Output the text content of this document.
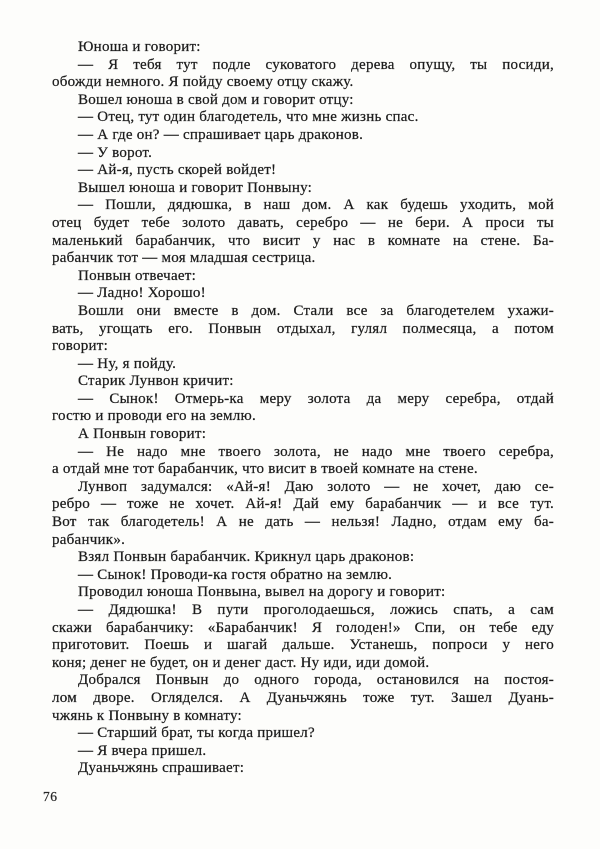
Юноша и говорит:
— Я тебя тут подле суковатого дерева опущу, ты посиди,
обожди немного. Я пойду своему отцу скажу.
Вошел юноша в свой дом и говорит отцу:
— Отец, тут один благодетель, что мне жизнь спас.
— А где он? — спрашивает царь драконов.
— У ворот.
— Ай-я, пусть скорей войдет!
Вышел юноша и говорит Понвыну:
— Пошли, дядюшка, в наш дом. А как будешь уходить, мой
отец будет тебе золото давать, серебро — не бери. А проси ты
маленький барабанчик, что висит у нас в комнате на стене. Ба-
рабанчик тот — моя младшая сестрица.
Понвын отвечает:
— Ладно! Хорошо!
Вошли они вместе в дом. Стали все за благодетелем ухажи-
вать, угощать его. Понвын отдыхал, гулял полмесяца, а потом
говорит:
— Ну, я пойду.
Старик Лунвон кричит:
— Сынок! Отмерь-ка меру золота да меру серебра, отдай
гостю и проводи его на землю.
А Понвын говорит:
— Не надо мне твоего золота, не надо мне твоего серебра,
а отдай мне тот барабанчик, что висит в твоей комнате на стене.
Лунвоп задумался: «Ай-я! Даю золото — не хочет, даю се-
ребро — тоже не хочет. Ай-я! Дай ему барабанчик — и все тут.
Вот так благодетель! А не дать — нельзя! Ладно, отдам ему ба-
рабанчик».
Взял Понвын барабанчик. Крикнул царь драконов:
— Сынок! Проводи-ка гостя обратно на землю.
Проводил юноша Понвына, вывел на дорогу и говорит:
— Дядюшка! В пути проголодаешься, ложись спать, а сам
скажи барабанчику: «Барабанчик! Я голоден!» Спи, он тебе еду
приготовит. Поешь и шагай дальше. Устанешь, попроси у него
коня; денег не будет, он и денег даст. Ну иди, иди домой.
Добрался Понвын до одного города, остановился на постоя-
лом дворе. Огляделся. А Дуаньчжянь тоже тут. Зашел Дуань-
чжянь к Понвыну в комнату:
— Старший брат, ты когда пришел?
— Я вчера пришел.
Дуаньчжянь спрашивает:
76
